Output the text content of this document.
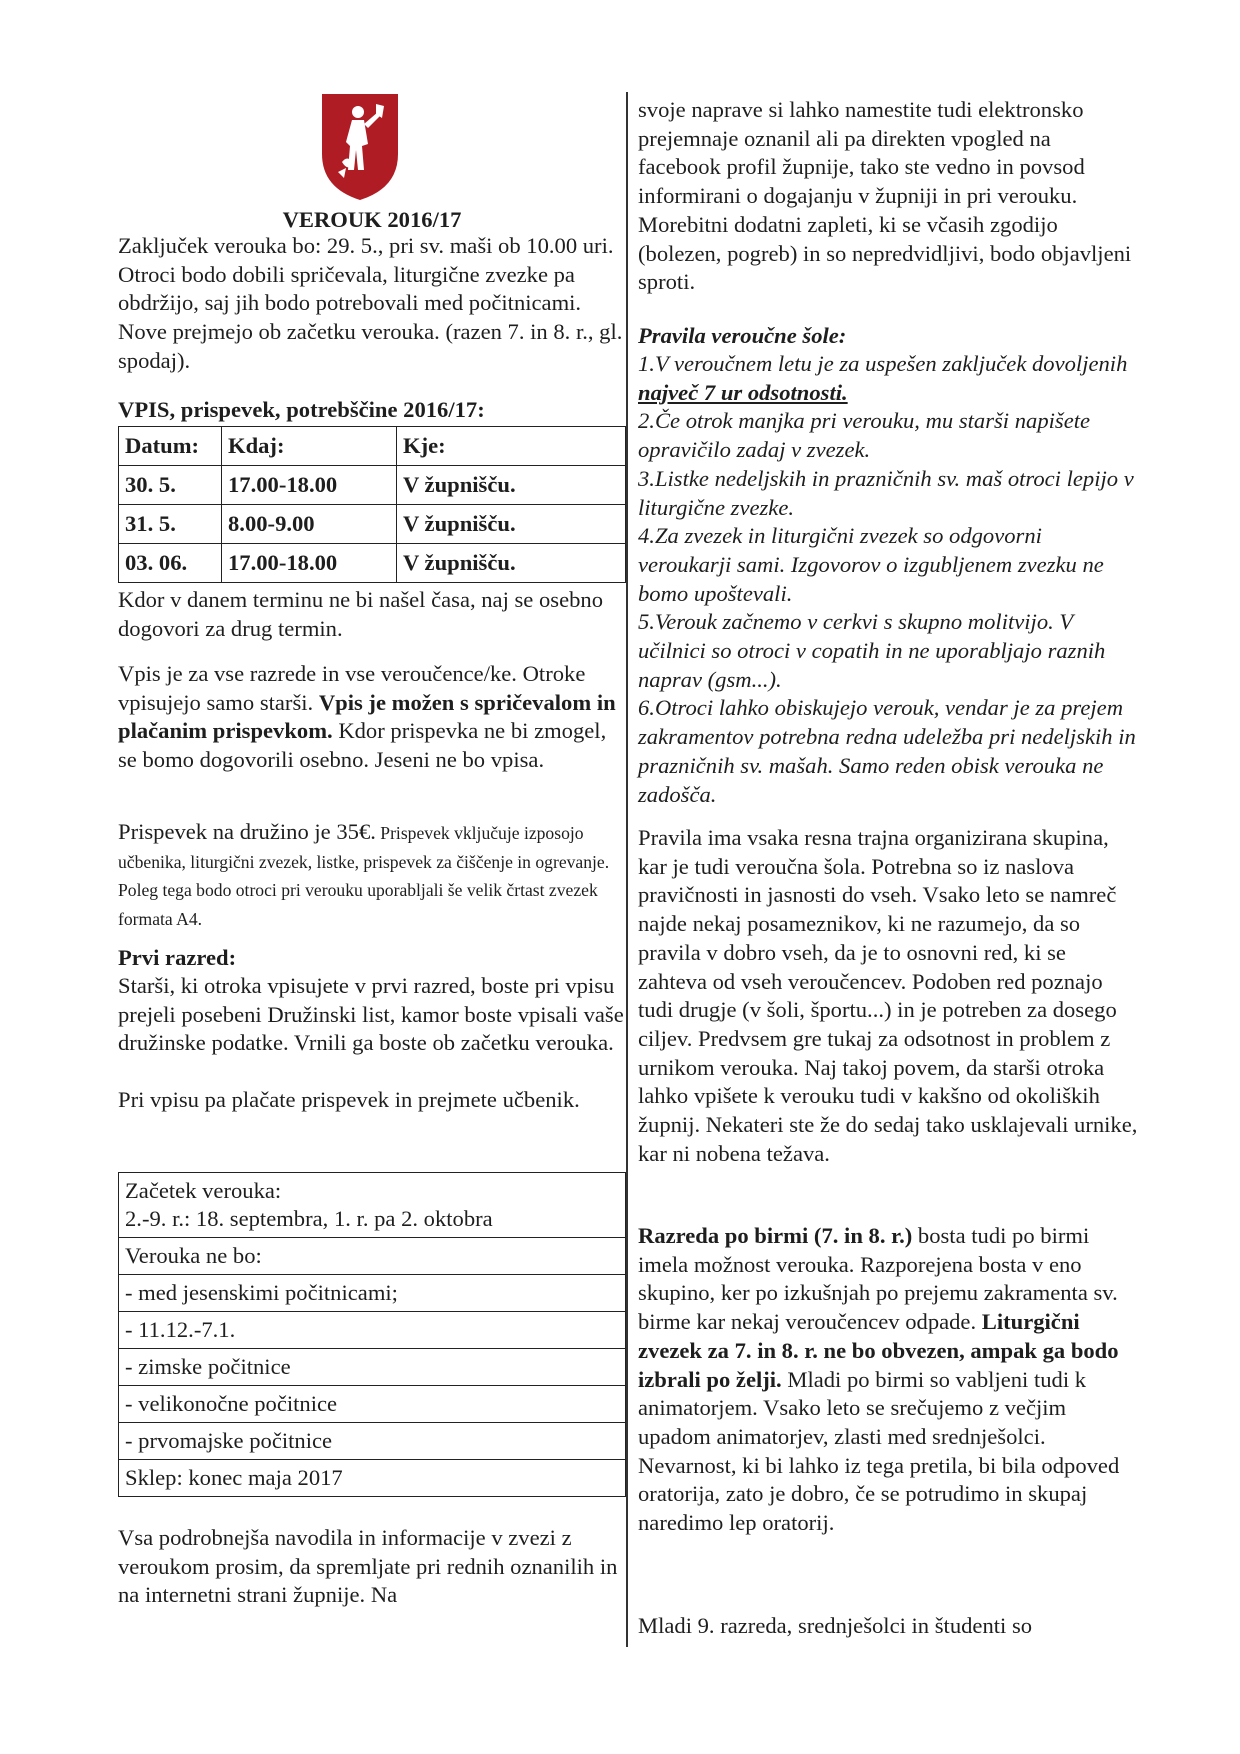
VEROUK 2016/17

Zaključek verouka bo: 29. 5., pri sv. maši ob 10.00 uri. Otroci bodo dobili spričevala, liturgične zvezke pa obdržijo, saj jih bodo potrebovali med počitnicami. Nove prejmejo ob začetku verouka. (razen 7. in 8. r., gl. spodaj).

VPIS, prispevek, potrebščine 2016/17:
Datum:	Kdaj:	Kje:
30. 5.	17.00-18.00	V župnišču.
31. 5.	8.00-9.00	V župnišču.
03. 06.	17.00-18.00	V župnišču.

Kdor v danem terminu ne bi našel časa, naj se osebno dogovori za drug termin.

Vpis je za vse razrede in vse veroučence/ke. Otroke vpisujejo samo starši. Vpis je možen s spričevalom in plačanim prispevkom. Kdor prispevka ne bi zmogel, se bomo dogovorili osebno. Jeseni ne bo vpisa.

Prispevek na družino je 35€. Prispevek vključuje izposojo učbenika, liturgični zvezek, listke, prispevek za čiščenje in ogrevanje. Poleg tega bodo otroci pri verouku uporabljali še velik črtast zvezek formata A4.

Prvi razred:

Starši, ki otroka vpisujete v prvi razred, boste pri vpisu prejeli posebeni Družinski list, kamor boste vpisali vaše družinske podatke. Vrnili ga boste ob začetku verouka.

Pri vpisu pa plačate prispevek in prejmete učbenik.

Začetek verouka:
2.-9. r.: 18. septembra, 1. r. pa 2. oktobra

Verouka ne bo:
- med jesenskimi počitnicami;
- 11.12.-7.1.
- zimske počitnice
- velikonočne počitnice
- prvomajske počitnice
Sklep: konec maja 2017

Vsa podrobnejša navodila in informacije v zvezi z veroukom prosim, da spremljate pri rednih oznanilih in na internetni strani župnije. Na

svoje naprave si lahko namestite tudi elektronsko prejemnaje oznanil ali pa direkten vpogled na facebook profil župnije, tako ste vedno in povsod informirani o dogajanju v župniji in pri verouku. Morebitni dodatni zapleti, ki se včasih zgodijo (bolezen, pogreb) in so nepredvidljivi, bodo objavljeni sproti.

Pravila veroučne šole:

1.V veroučnem letu je za uspešen zaključek dovoljenih največ 7 ur odsotnosti.

2.Če otrok manjka pri verouku, mu starši napišete opravičilo zadaj v zvezek.

3.Listke nedeljskih in prazničnih sv. maš otroci lepijo v liturgične zvezke.

4.Za zvezek in liturgični zvezek so odgovorni veroukarji sami. Izgovorov o izgubljenem zvezku ne bomo upoštevali.

5.Verouk začnemo v cerkvi s skupno molitvijo. V učilnici so otroci v copatih in ne uporabljajo raznih naprav (gsm...).

6.Otroci lahko obiskujejo verouk, vendar je za prejem zakramentov potrebna redna udeležba pri nedeljskih in prazničnih sv. mašah. Samo reden obisk verouka ne zadošča.

Pravila ima vsaka resna trajna organizirana skupina, kar je tudi veroučna šola. Potrebna so iz naslova pravičnosti in jasnosti do vseh. Vsako leto se namreč najde nekaj posameznikov, ki ne razumejo, da so pravila v dobro vseh, da je to osnovni red, ki se zahteva od vseh veroučencev. Podoben red poznajo tudi drugje (v šoli, športu...) in je potreben za dosego ciljev. Predvsem gre tukaj za odsotnost in problem z urnikom verouka. Naj takoj povem, da starši otroka lahko vpišete k verouku tudi v kakšno od okoliških župnij. Nekateri ste že do sedaj tako usklajevali urnike, kar ni nobena težava.

Razreda po birmi (7. in 8. r.) bosta tudi po birmi imela možnost verouka. Razporejena bosta v eno skupino, ker po izkušnjah po prejemu zakramenta sv. birme kar nekaj veroučencev odpade. Liturgični zvezek za 7. in 8. r. ne bo obvezen, ampak ga bodo izbrali po želji. Mladi po birmi so vabljeni tudi k animatorjem. Vsako leto se srečujemo z večjim upadom animatorjev, zlasti med srednješolci. Nevarnost, ki bi lahko iz tega pretila, bi bila odpoved oratorija, zato je dobro, če se potrudimo in skupaj naredimo lep oratorij.

Mladi 9. razreda, srednješolci in študenti so
